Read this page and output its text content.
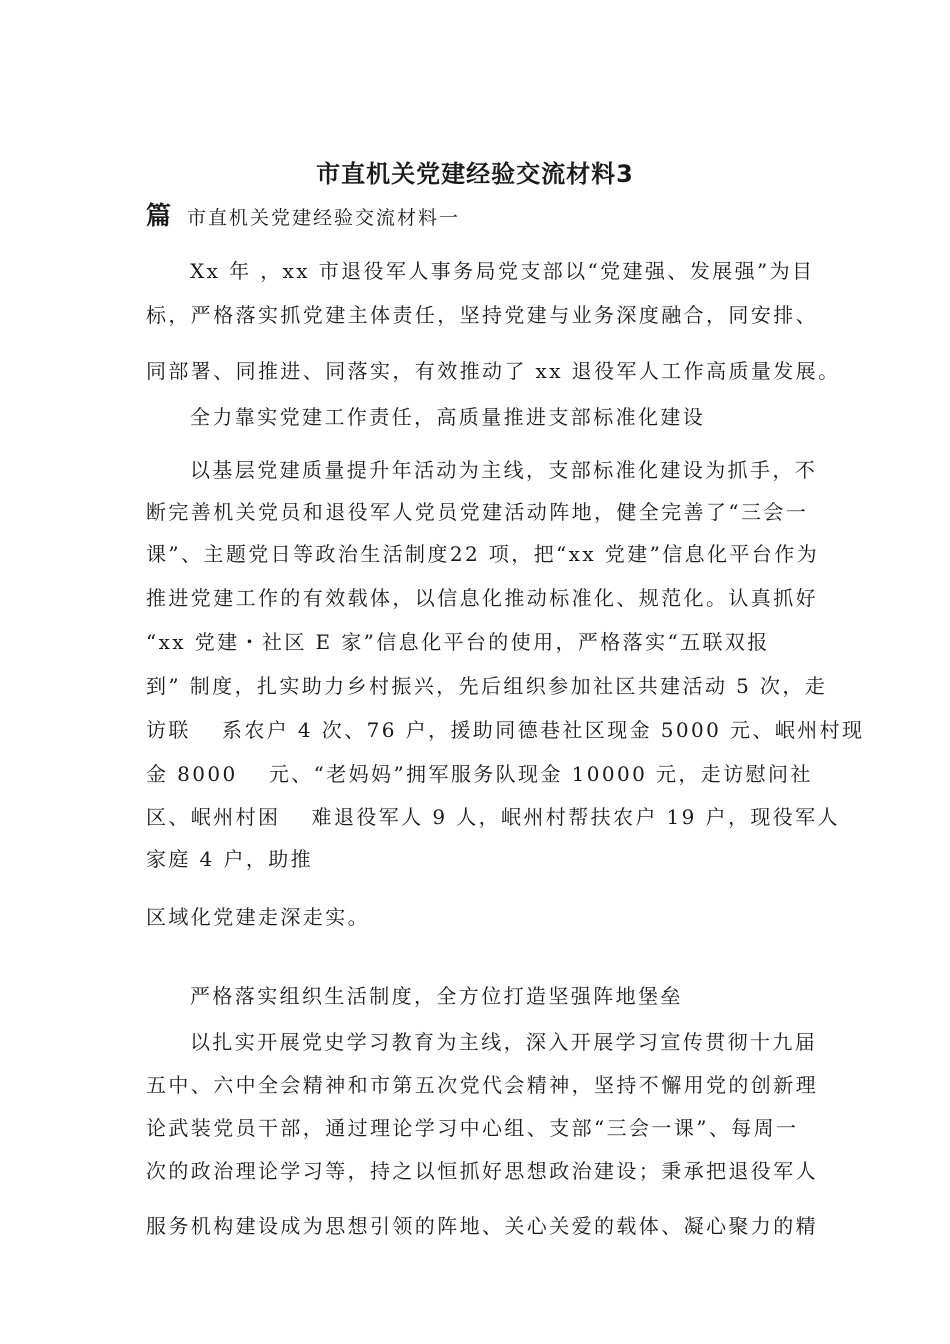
市直机关党建经验交流材料3
篇 市直机关党建经验交流材料一
Xx 年 ，xx 市退役军人事务局党支部以“党建强、发展强”为目
标，严格落实抓党建主体责任，坚持党建与业务深度融合，同安排、
同部署、同推进、同落实，有效推动了 xx 退役军人工作高质量发展。
全力靠实党建工作责任，高质量推进支部标准化建设
以基层党建质量提升年活动为主线，支部标准化建设为抓手，不
断完善机关党员和退役军人党员党建活动阵地，健全完善了“三会一
课”、主题党日等政治生活制度22 项，把“xx 党建”信息化平台作为
推进党建工作的有效载体，以信息化推动标准化、规范化。认真抓好
“xx 党建・社区 E 家”信息化平台的使用，严格落实“五联双报
到” 制度，扎实助力乡村振兴，先后组织参加社区共建活动 5 次，走
访联　 系农户 4 次、76 户，援助同德巷社区现金 5000 元、岷州村现
金 8000　 元、“老妈妈”拥军服务队现金 10000 元，走访慰问社
区、岷州村困　 难退役军人 9 人，岷州村帮扶农户 19 户，现役军人
家庭 4 户，助推
区域化党建走深走实。
严格落实组织生活制度，全方位打造坚强阵地堡垒
以扎实开展党史学习教育为主线，深入开展学习宣传贯彻十九届
五中、六中全会精神和市第五次党代会精神，坚持不懈用党的创新理
论武装党员干部，通过理论学习中心组、支部“三会一课”、每周一
次的政治理论学习等，持之以恒抓好思想政治建设；秉承把退役军人
服务机构建设成为思想引领的阵地、关心关爱的载体、凝心聚力的精
